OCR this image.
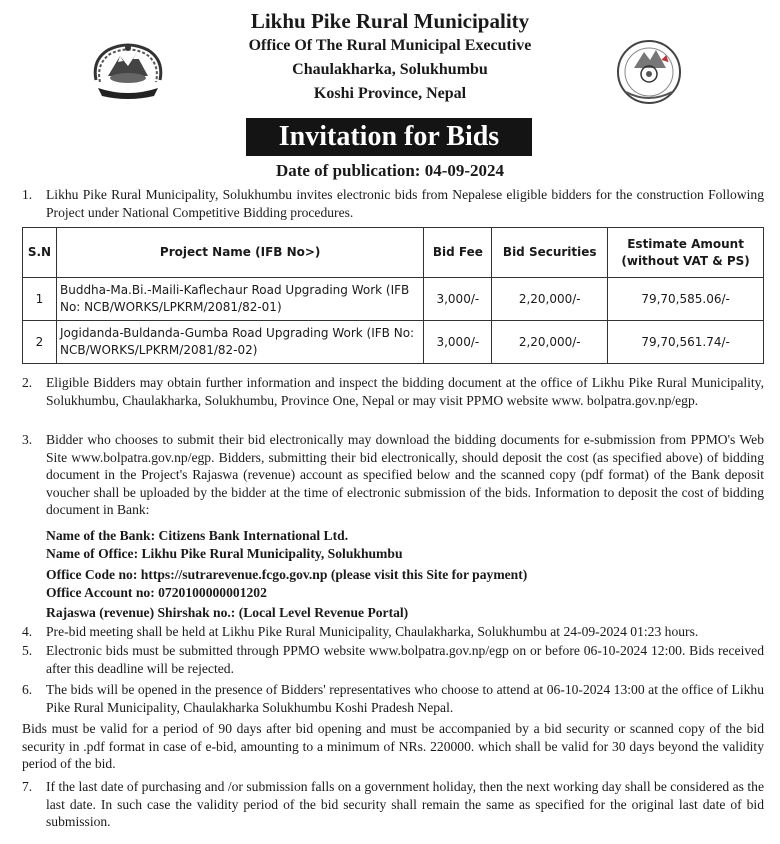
Likhu Pike Rural Municipality
Office Of The Rural Municipal Executive
Chaulakharka, Solukhumbu
Koshi Province, Nepal
Invitation for Bids
Date of publication: 04-09-2024
1. Likhu Pike Rural Municipality, Solukhumbu invites electronic bids from Nepalese eligible bidders for the construction Following Project under National Competitive Bidding procedures.
S.N	Project Name (IFB No>)	Bid Fee	Bid Securities	Estimate Amount (without VAT & PS)
1	Buddha-Ma.Bi.-Maili-Kaflechaur Road Upgrading Work (IFB No: NCB/WORKS/LPKRM/2081/82-01)	3,000/-	2,20,000/-	79,70,585.06/-
2	Jogidanda-Buldanda-Gumba Road Upgrading Work (IFB No: NCB/WORKS/LPKRM/2081/82-02)	3,000/-	2,20,000/-	79,70,561.74/-
2. Eligible Bidders may obtain further information and inspect the bidding document at the office of Likhu Pike Rural Municipality, Solukhumbu, Chaulakharka, Solukhumbu, Province One, Nepal or may visit PPMO website www. bolpatra.gov.np/egp.
3. Bidder who chooses to submit their bid electronically may download the bidding documents for e-submission from PPMO's Web Site www.bolpatra.gov.np/egp. Bidders, submitting their bid electronically, should deposit the cost (as specified above) of bidding document in the Project's Rajaswa (revenue) account as specified below and the scanned copy (pdf format) of the Bank deposit voucher shall be uploaded by the bidder at the time of electronic submission of the bids. Information to deposit the cost of bidding document in Bank:
Name of the Bank: Citizens Bank International Ltd.
Name of Office: Likhu Pike Rural Municipality, Solukhumbu
Office Code no: https://sutrarevenue.fcgo.gov.np (please visit this Site for payment)
Office Account no: 0720100000001202
Rajaswa (revenue) Shirshak no.: (Local Level Revenue Portal)
4. Pre-bid meeting shall be held at Likhu Pike Rural Municipality, Chaulakharka, Solukhumbu at 24-09-2024 01:23 hours.
5. Electronic bids must be submitted through PPMO website www.bolpatra.gov.np/egp on or before 06-10-2024 12:00. Bids received after this deadline will be rejected.
6. The bids will be opened in the presence of Bidders' representatives who choose to attend at 06-10-2024 13:00 at the office of Likhu Pike Rural Municipality, Chaulakharka Solukhumbu Koshi Pradesh Nepal.
Bids must be valid for a period of 90 days after bid opening and must be accompanied by a bid security or scanned copy of the bid security in .pdf format in case of e-bid, amounting to a minimum of NRs. 220000. which shall be valid for 30 days beyond the validity period of the bid.
7. If the last date of purchasing and /or submission falls on a government holiday, then the next working day shall be considered as the last date. In such case the validity period of the bid security shall remain the same as specified for the original last date of bid submission.
